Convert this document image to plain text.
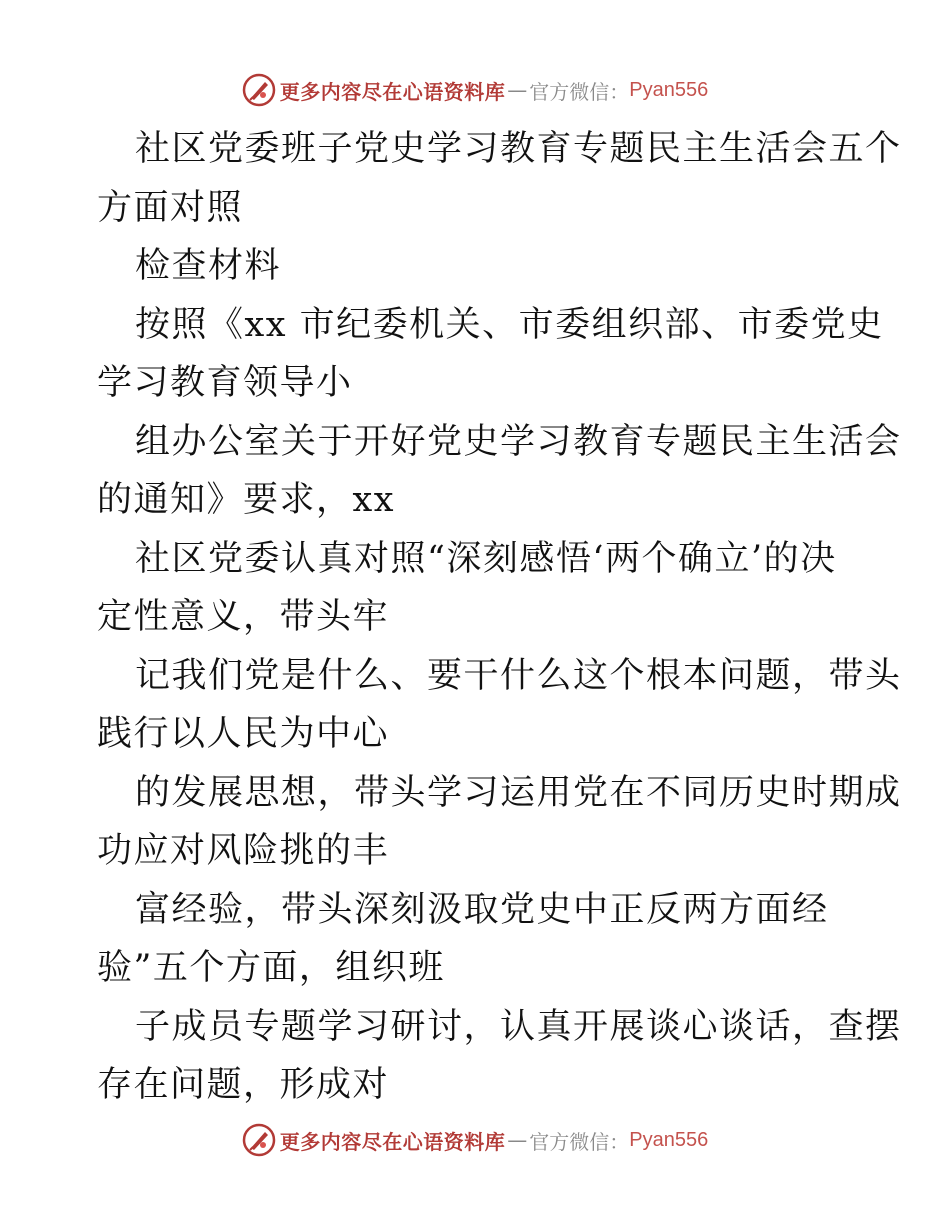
更多内容尽在心语资料库 — 官方微信： Pyan556
社区党委班子党史学习教育专题民主生活会五个
方面对照
检查材料
按照《xx 市纪委机关、市委组织部、市委党史
学习教育领导小
组办公室关于开好党史学习教育专题民主生活会
的通知》要求，xx
社区党委认真对照“深刻感悟‘两个确立’的决
定性意义，带头牢
记我们党是什么、要干什么这个根本问题，带头
践行以人民为中心
的发展思想，带头学习运用党在不同历史时期成
功应对风险挑的丰
富经验，带头深刻汲取党史中正反两方面经
验”五个方面，组织班
子成员专题学习研讨，认真开展谈心谈话，查摆
存在问题，形成对
更多内容尽在心语资料库 — 官方微信： Pyan556
